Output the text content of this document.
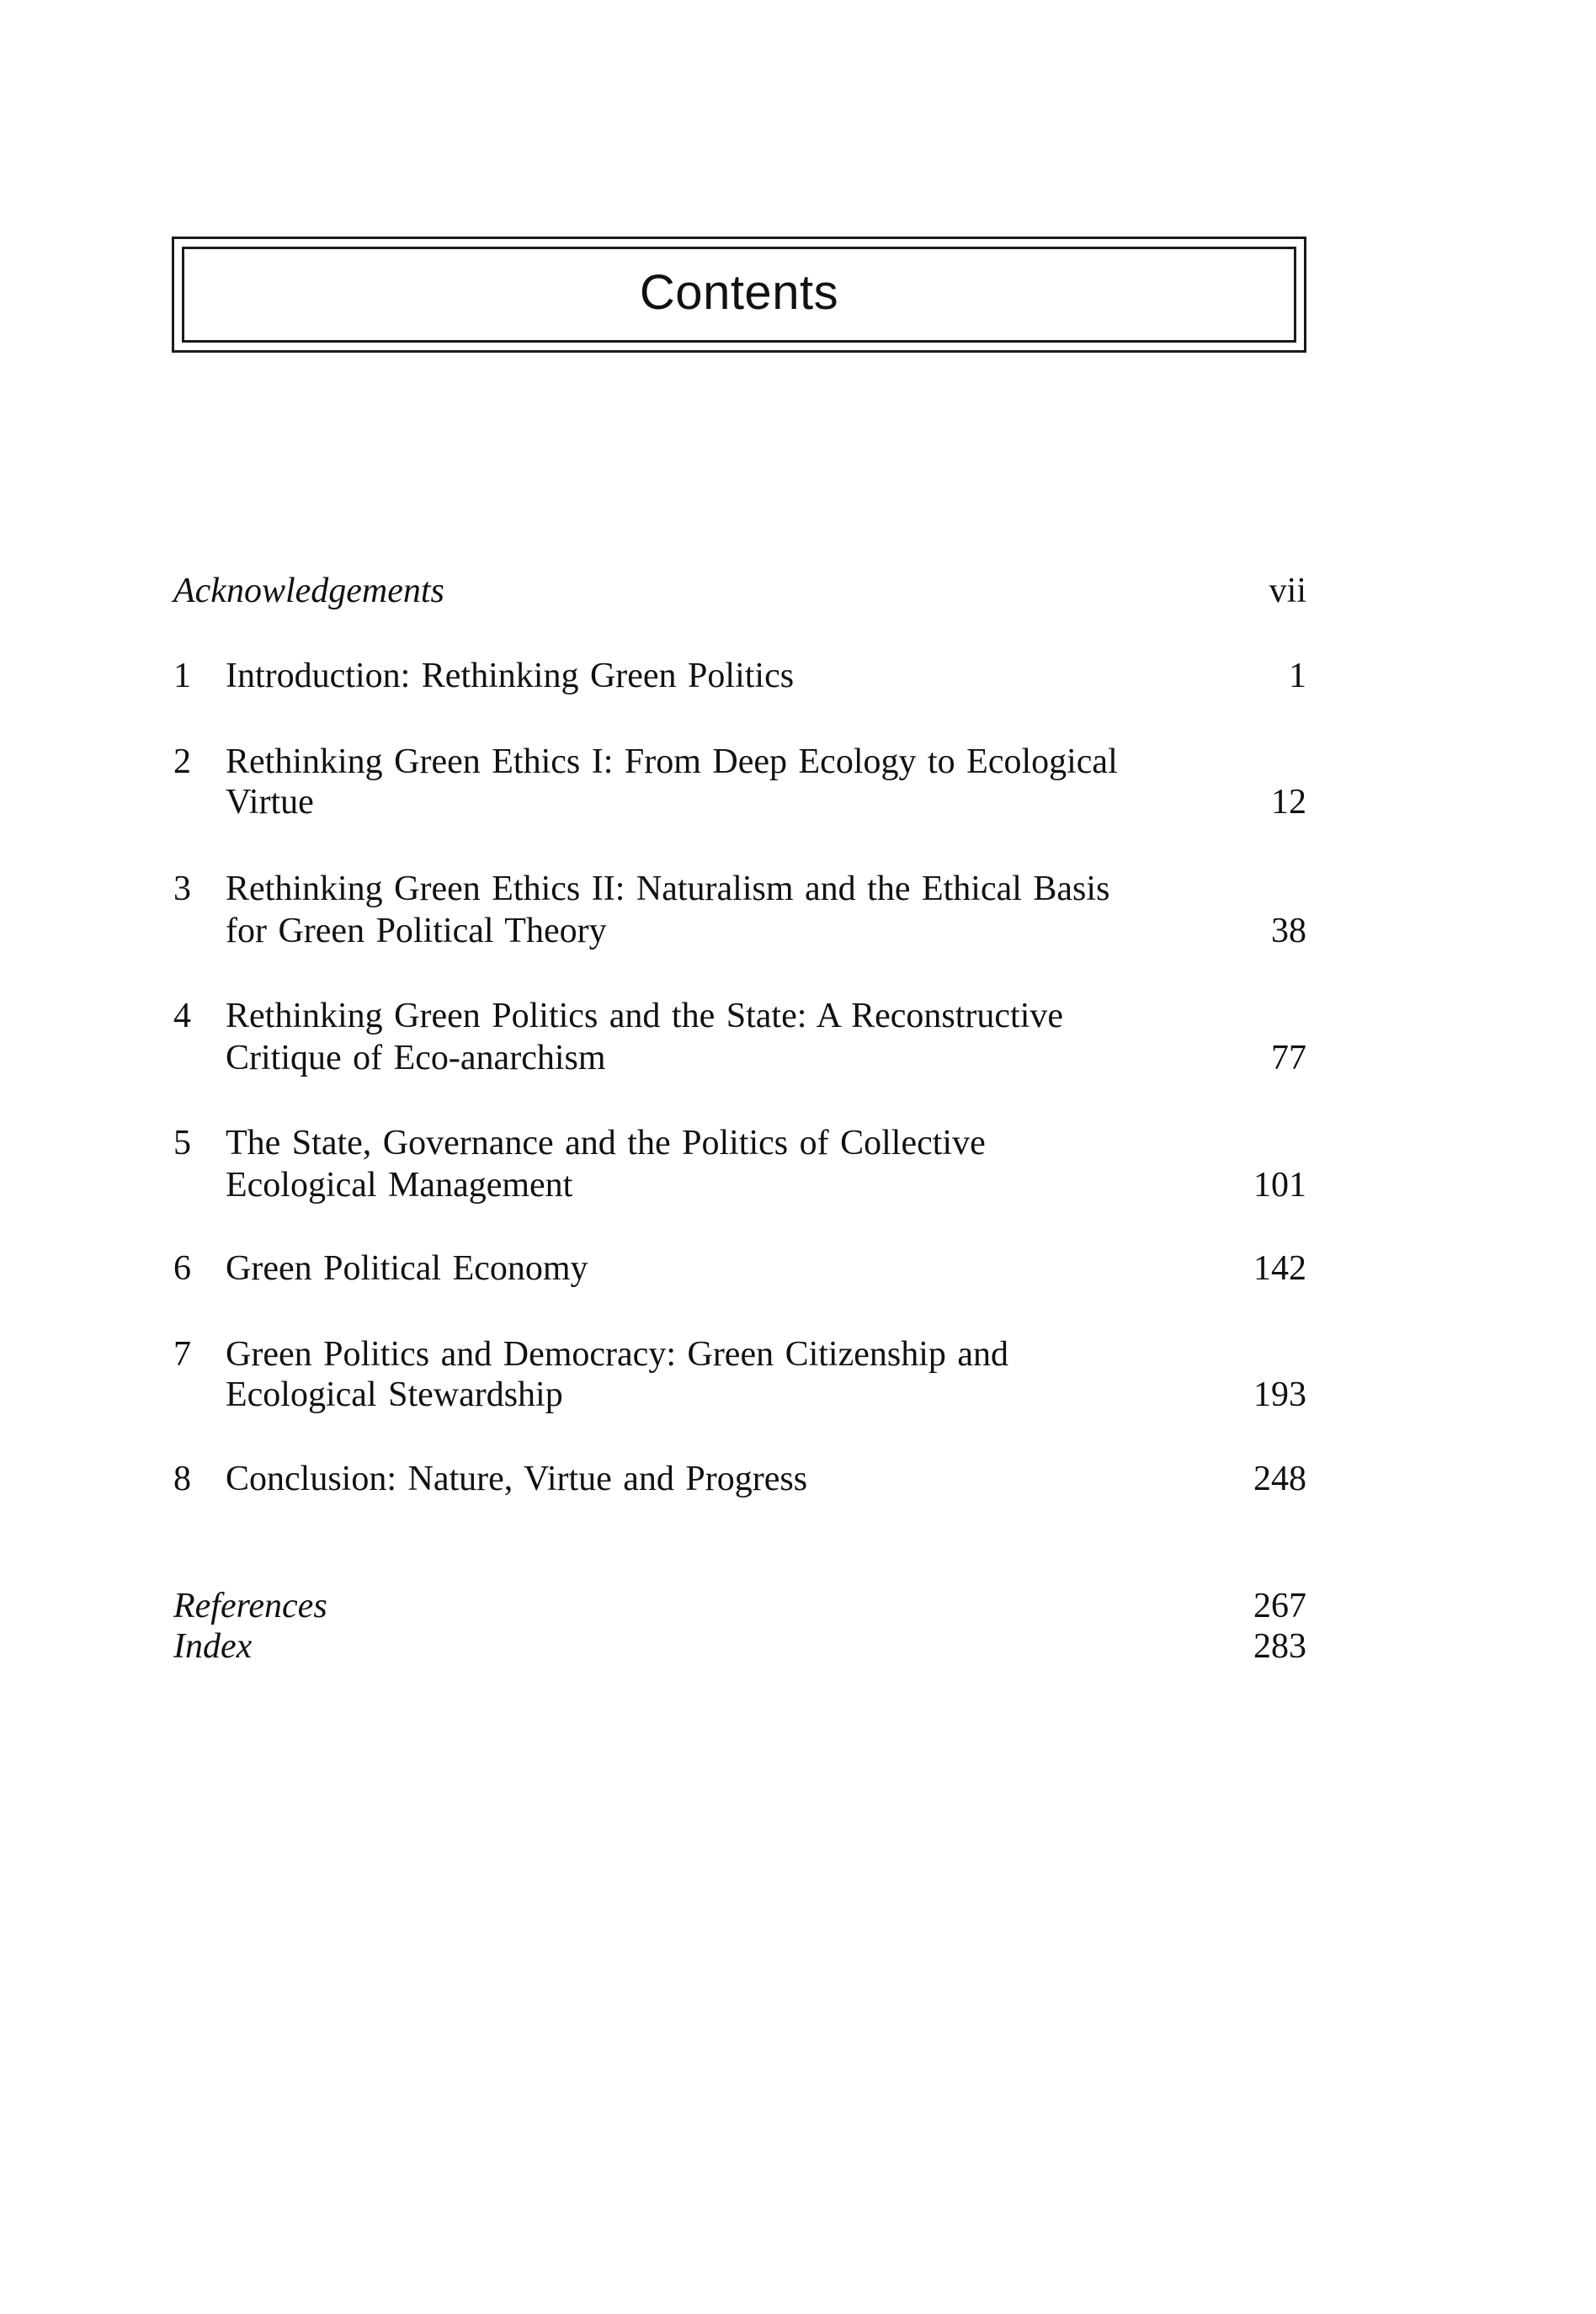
Contents
Acknowledgements	vii
1 Introduction: Rethinking Green Politics	1
2 Rethinking Green Ethics I: From Deep Ecology to Ecological
Virtue	12
3 Rethinking Green Ethics II: Naturalism and the Ethical Basis
for Green Political Theory	38
4 Rethinking Green Politics and the State: A Reconstructive
Critique of Eco-anarchism	77
5 The State, Governance and the Politics of Collective
Ecological Management	101
6 Green Political Economy	142
7 Green Politics and Democracy: Green Citizenship and
Ecological Stewardship	193
8 Conclusion: Nature, Virtue and Progress	248
References	267
Index	283
